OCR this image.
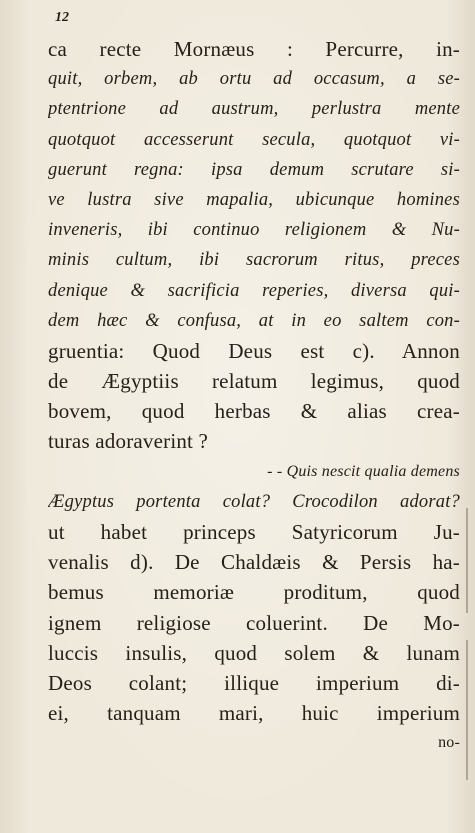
12
ca recte Mornæus : Percurre, in-
quit, orbem, ab ortu ad occasum, a se-
ptentrione ad austrum, perlustra mente
quotquot accesserunt secula, quotquot vi-
guerunt regna: ipsa demum scrutare si-
ve lustra sive mapalia, ubicunque homines
inveneris, ibi continuo religionem & Nu-
minis cultum, ibi sacrorum ritus, preces
denique & sacrificia reperies, diversa qui-
dem hæc & confusa, at in eo saltem con-
gruentia: Quod Deus est c). Annon
de Ægyptiis relatum legimus, quod
bovem, quod herbas & alias crea-
turas adoraverint ?
- - Quis nescit qualia demens
Ægyptus portenta colat? Crocodilon adorat?
ut habet princeps Satyricorum Ju-
venalis d). De Chaldæis & Persis ha-
bemus memoriæ proditum, quod
ignem religiose coluerint. De Mo-
luccis insulis, quod solem & lunam
Deos colant; illique imperium di-
ei, tanquam mari, huic imperium
no-
